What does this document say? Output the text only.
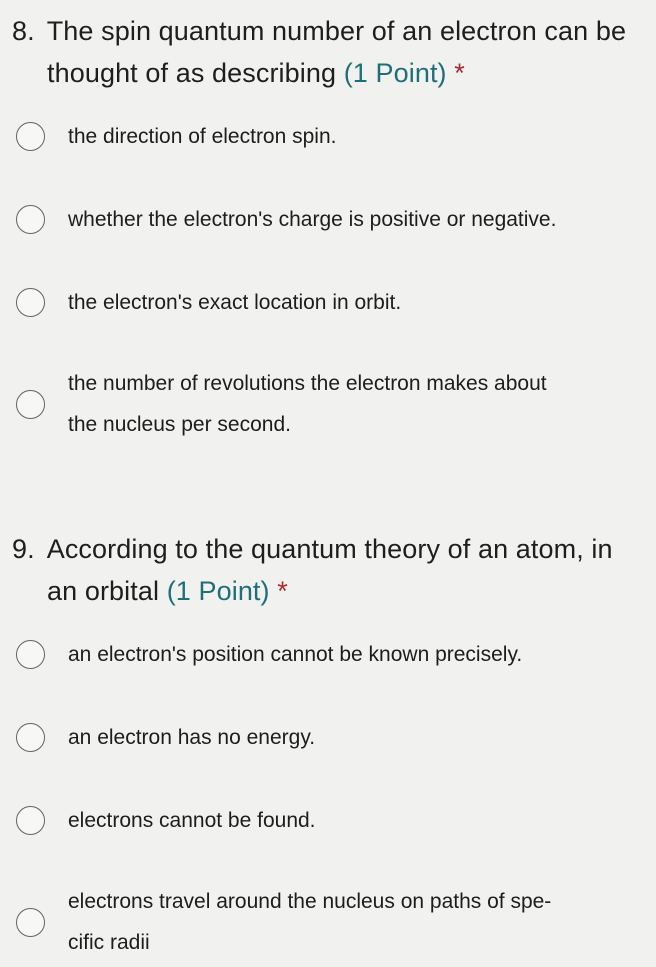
8. The spin quantum number of an electron can be
thought of as describing (1 Point) *
the direction of electron spin.
whether the electron's charge is positive or negative.
the electron's exact location in orbit.
the number of revolutions the electron makes about
the nucleus per second.
9. According to the quantum theory of an atom, in
an orbital (1 Point) *
an electron's position cannot be known precisely.
an electron has no energy.
electrons cannot be found.
electrons travel around the nucleus on paths of spe-
cific radii
